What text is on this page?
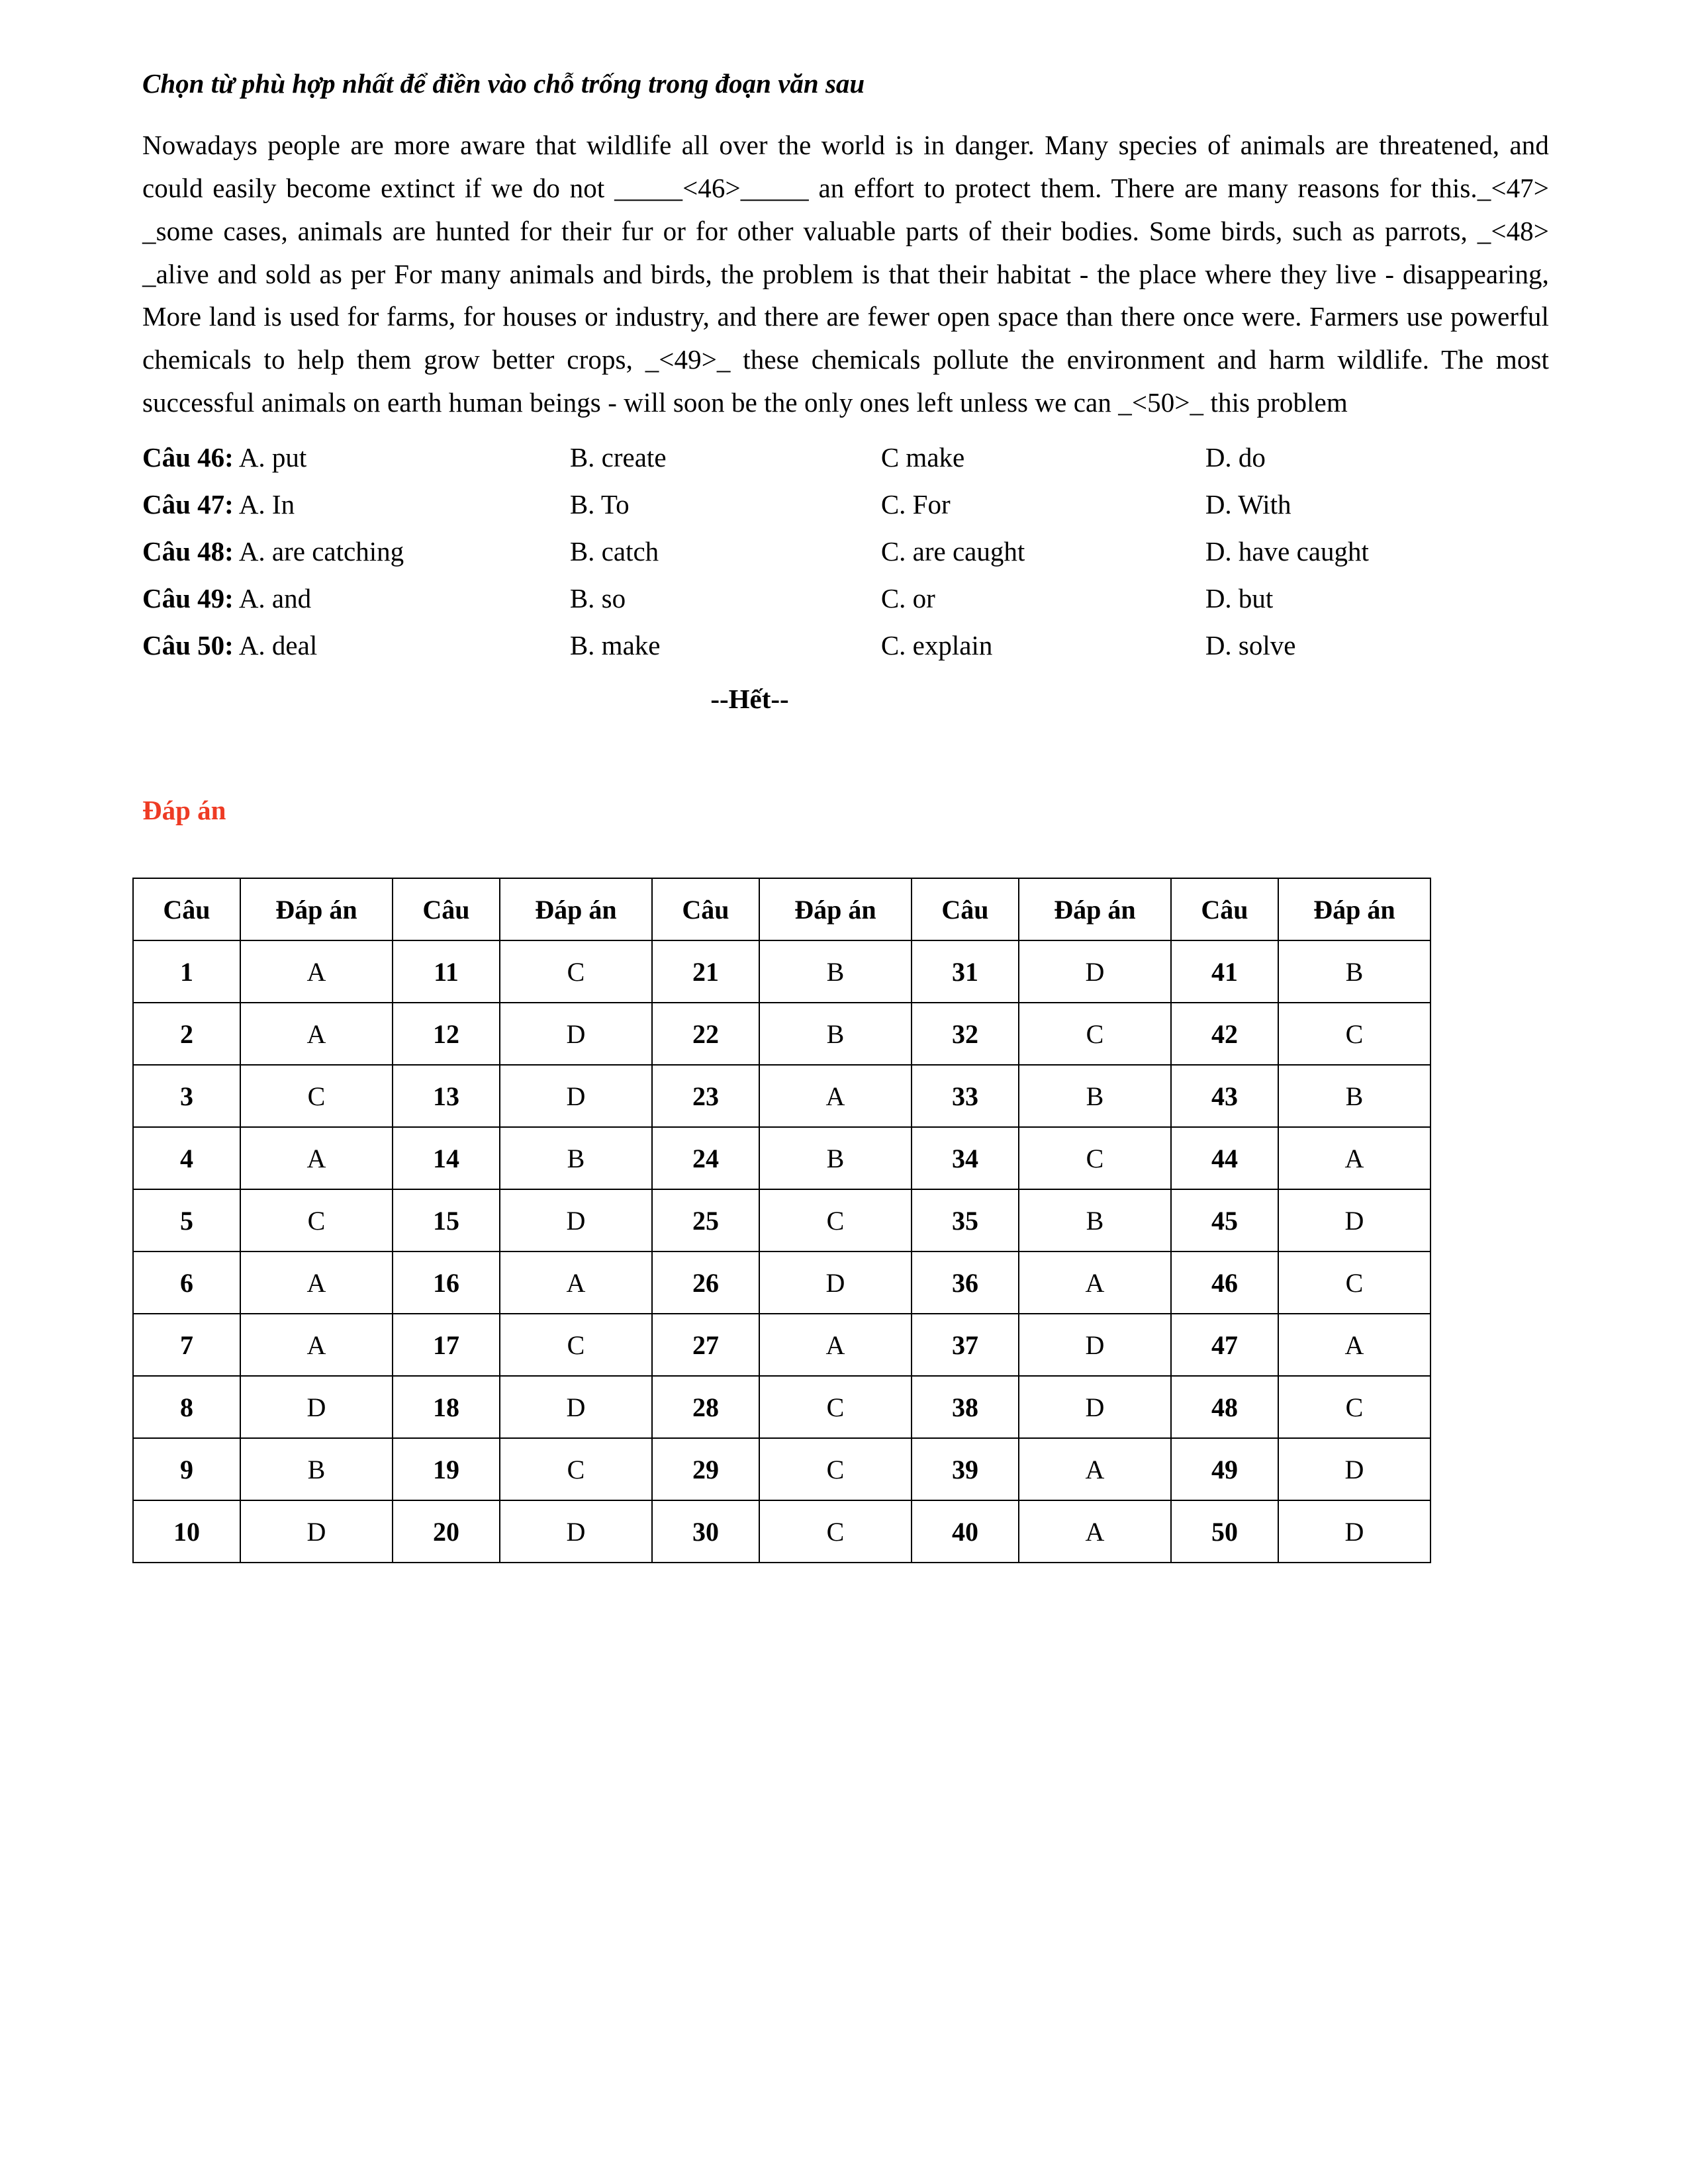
Chọn từ phù hợp nhất để điền vào chỗ trống trong đoạn văn sau

Nowadays people are more aware that wildlife all over the world is in danger. Many species of animals are threatened, and could easily become extinct if we do not _____<46>_____ an effort to protect them. There are many reasons for this._<47> _some cases, animals are hunted for their fur or for other valuable parts of their bodies. Some birds, such as parrots, _<48> _alive and sold as per For many animals and birds, the problem is that their habitat - the place where they live - disappearing, More land is used for farms, for houses or industry, and there are fewer open space than there once were. Farmers use powerful chemicals to help them grow better crops, _<49>_ these chemicals pollute the environment and harm wildlife. The most successful animals on earth human beings - will soon be the only ones left unless we can _<50>_ this problem

Câu 46: A. put	B. create	C make	D. do
Câu 47: A. In	B. To	C. For	D. With
Câu 48: A. are catching	B. catch	C. are caught	D. have caught
Câu 49: A. and	B. so	C. or	D. but
Câu 50: A. deal	B. make	C. explain	D. solve

--Hết--

Đáp án

Câu	Đáp án	Câu	Đáp án	Câu	Đáp án	Câu	Đáp án	Câu	Đáp án
1	A	11	C	21	B	31	D	41	B
2	A	12	D	22	B	32	C	42	C
3	C	13	D	23	A	33	B	43	B
4	A	14	B	24	B	34	C	44	A
5	C	15	D	25	C	35	B	45	D
6	A	16	A	26	D	36	A	46	C
7	A	17	C	27	A	37	D	47	A
8	D	18	D	28	C	38	D	48	C
9	B	19	C	29	C	39	A	49	D
10	D	20	D	30	C	40	A	50	D
